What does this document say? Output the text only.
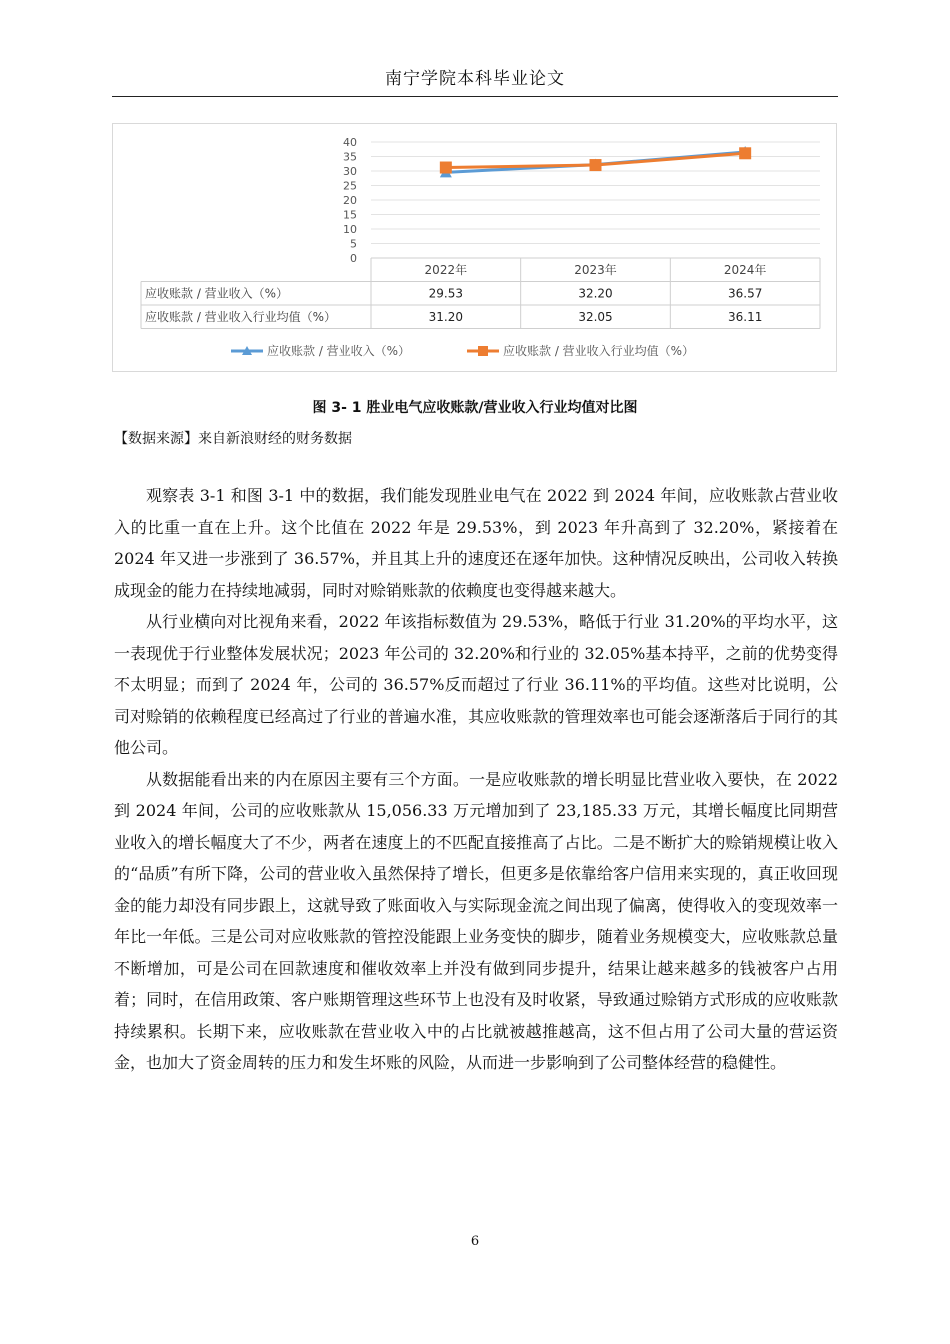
南宁学院本科毕业论文
40
35
30
25
20
15
10
5
0
2022年	2023年	2024年
应收账款 / 营业收入（%）	29.53	32.20	36.57
应收账款 / 营业收入行业均值（%）	31.20	32.05	36.11
应收账款 / 营业收入（%）	应收账款 / 营业收入行业均值（%）
图 3- 1 胜业电气应收账款/营业收入行业均值对比图
【数据来源】来自新浪财经的财务数据

观察表 3-1 和图 3-1 中的数据，我们能发现胜业电气在 2022 到 2024 年间，应收账款占营业收入的比重一直在上升。这个比值在 2022 年是 29.53%，到 2023 年升高到了 32.20%，紧接着在 2024 年又进一步涨到了 36.57%，并且其上升的速度还在逐年加快。这种情况反映出，公司收入转换成现金的能力在持续地减弱，同时对赊销账款的依赖度也变得越来越大。

从行业横向对比视角来看，2022 年该指标数值为 29.53%，略低于行业 31.20%的平均水平，这一表现优于行业整体发展状况；2023 年公司的 32.20%和行业的 32.05%基本持平，之前的优势变得不太明显；而到了 2024 年，公司的 36.57%反而超过了行业 36.11%的平均值。这些对比说明，公司对赊销的依赖程度已经高过了行业的普遍水准，其应收账款的管理效率也可能会逐渐落后于同行的其他公司。

从数据能看出来的内在原因主要有三个方面。一是应收账款的增长明显比营业收入要快，在 2022 到 2024 年间，公司的应收账款从 15,056.33 万元增加到了 23,185.33 万元，其增长幅度比同期营业收入的增长幅度大了不少，两者在速度上的不匹配直接推高了占比。二是不断扩大的赊销规模让收入的“品质”有所下降，公司的营业收入虽然保持了增长，但更多是依靠给客户信用来实现的，真正收回现金的能力却没有同步跟上，这就导致了账面收入与实际现金流之间出现了偏离，使得收入的变现效率一年比一年低。三是公司对应收账款的管控没能跟上业务变快的脚步，随着业务规模变大，应收账款总量不断增加，可是公司在回款速度和催收效率上并没有做到同步提升，结果让越来越多的钱被客户占用着；同时，在信用政策、客户账期管理这些环节上也没有及时收紧，导致通过赊销方式形成的应收账款持续累积。长期下来，应收账款在营业收入中的占比就被越推越高，这不但占用了公司大量的营运资金，也加大了资金周转的压力和发生坏账的风险，从而进一步影响到了公司整体经营的稳健性。

6
